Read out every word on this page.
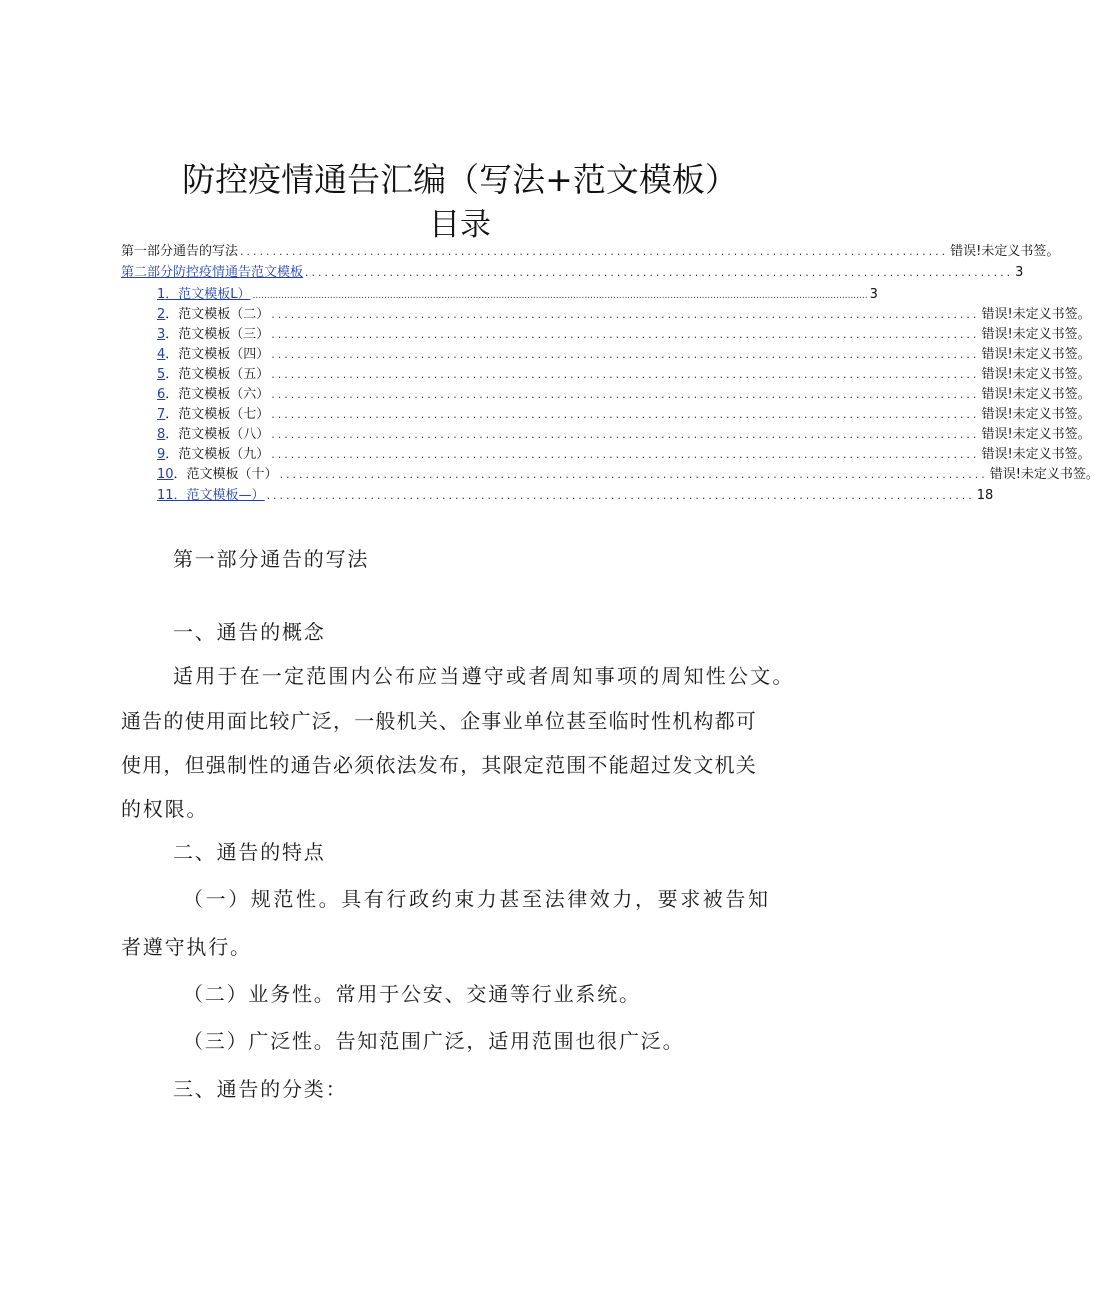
防控疫情通告汇编（写法+范文模板）
目录
第一部分通告的写法 ............................................................................................................. 错误!未定义书签。
第二部分防控疫情通告范文模板 ............................................................................................................. 3
1 ．范文模板L） ....................................................................................................................................................................................................................... 3
2 ．范文模板（二） ............................................................................................................. 错误!未定义书签。
3 ．范文模板（三） ............................................................................................................. 错误!未定义书签。
4 ．范文模板（四） ............................................................................................................. 错误!未定义书签。
5 ．范文模板（五） ............................................................................................................. 错误!未定义书签。
6 ．范文模板（六） ............................................................................................................. 错误!未定义书签。
7 ．范文模板（七） ............................................................................................................. 错误!未定义书签。
8 ．范文模板（八） ............................................................................................................. 错误!未定义书签。
9 ．范文模板（九） ............................................................................................................. 错误!未定义书签。
10 ．范文模板（十） ............................................................................................................. 错误!未定义书签。
11 ．范文模板—） ............................................................................................................. 18
第一部分通告的写法
一、通告的概念
适用于在一定范围内公布应当遵守或者周知事项的周知性公文。
通告的使用面比较广泛，一般机关、企事业单位甚至临时性机构都可
使用，但强制性的通告必须依法发布，其限定范围不能超过发文机关
的权限。
二、通告的特点
（一）规范性。具有行政约束力甚至法律效力，要求被告知
者遵守执行。
（二）业务性。常用于公安、交通等行业系统。
（三）广泛性。告知范围广泛，适用范围也很广泛。
三、通告的分类：
